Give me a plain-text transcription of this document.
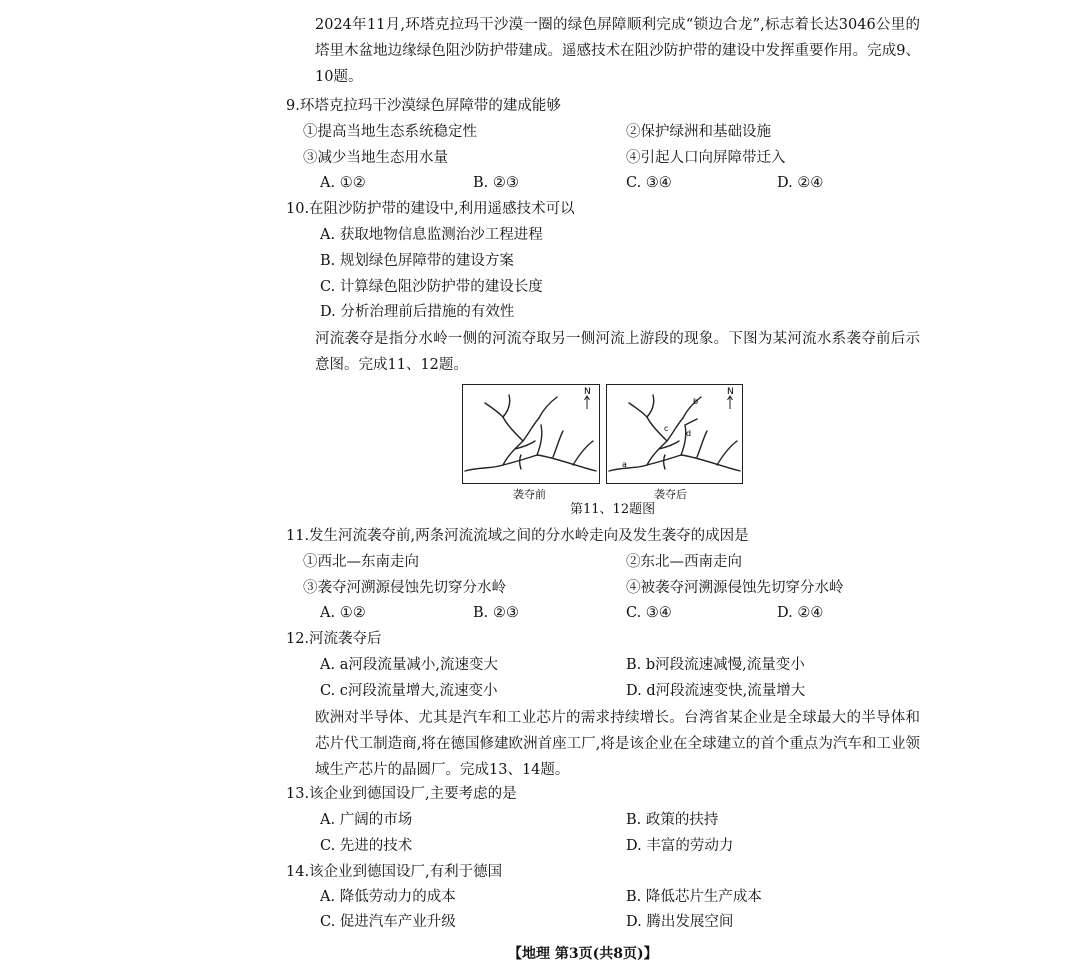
2024年11月,环塔克拉玛干沙漠一圈的绿色屏障顺利完成“锁边合龙”,标志着长达3046公里的塔里木盆地边缘绿色阻沙防护带建成。遥感技术在阻沙防护带的建设中发挥重要作用。完成9、10题。
9.环塔克拉玛干沙漠绿色屏障带的建成能够
①提高当地生态系统稳定性	②保护绿洲和基础设施
③减少当地生态用水量	④引起人口向屏障带迁入
A. ①②	B. ②③	C. ③④	D. ②④
10.在阻沙防护带的建设中,利用遥感技术可以
A. 获取地物信息监测治沙工程进程
B. 规划绿色屏障带的建设方案
C. 计算绿色阻沙防护带的建设长度
D. 分析治理前后措施的有效性
河流袭夺是指分水岭一侧的河流夺取另一侧河流上游段的现象。下图为某河流水系袭夺前后示意图。完成11、12题。
N	N
a
b
c
d
袭夺前	袭夺后
第11、12题图
11.发生河流袭夺前,两条河流流域之间的分水岭走向及发生袭夺的成因是
①西北—东南走向	②东北—西南走向
③袭夺河溯源侵蚀先切穿分水岭	④被袭夺河溯源侵蚀先切穿分水岭
A. ①②	B. ②③	C. ③④	D. ②④
12.河流袭夺后
A. a河段流量减小,流速变大	B. b河段流速减慢,流量变小
C. c河段流量增大,流速变小	D. d河段流速变快,流量增大
欧洲对半导体、尤其是汽车和工业芯片的需求持续增长。台湾省某企业是全球最大的半导体和芯片代工制造商,将在德国修建欧洲首座工厂,将是该企业在全球建立的首个重点为汽车和工业领域生产芯片的晶圆厂。完成13、14题。
13.该企业到德国设厂,主要考虑的是
A. 广阔的市场	B. 政策的扶持
C. 先进的技术	D. 丰富的劳动力
14.该企业到德国设厂,有利于德国
A. 降低劳动力的成本	B. 降低芯片生产成本
【地理 第3页(共8页)】
C. 促进汽车产业升级	D. 腾出发展空间
